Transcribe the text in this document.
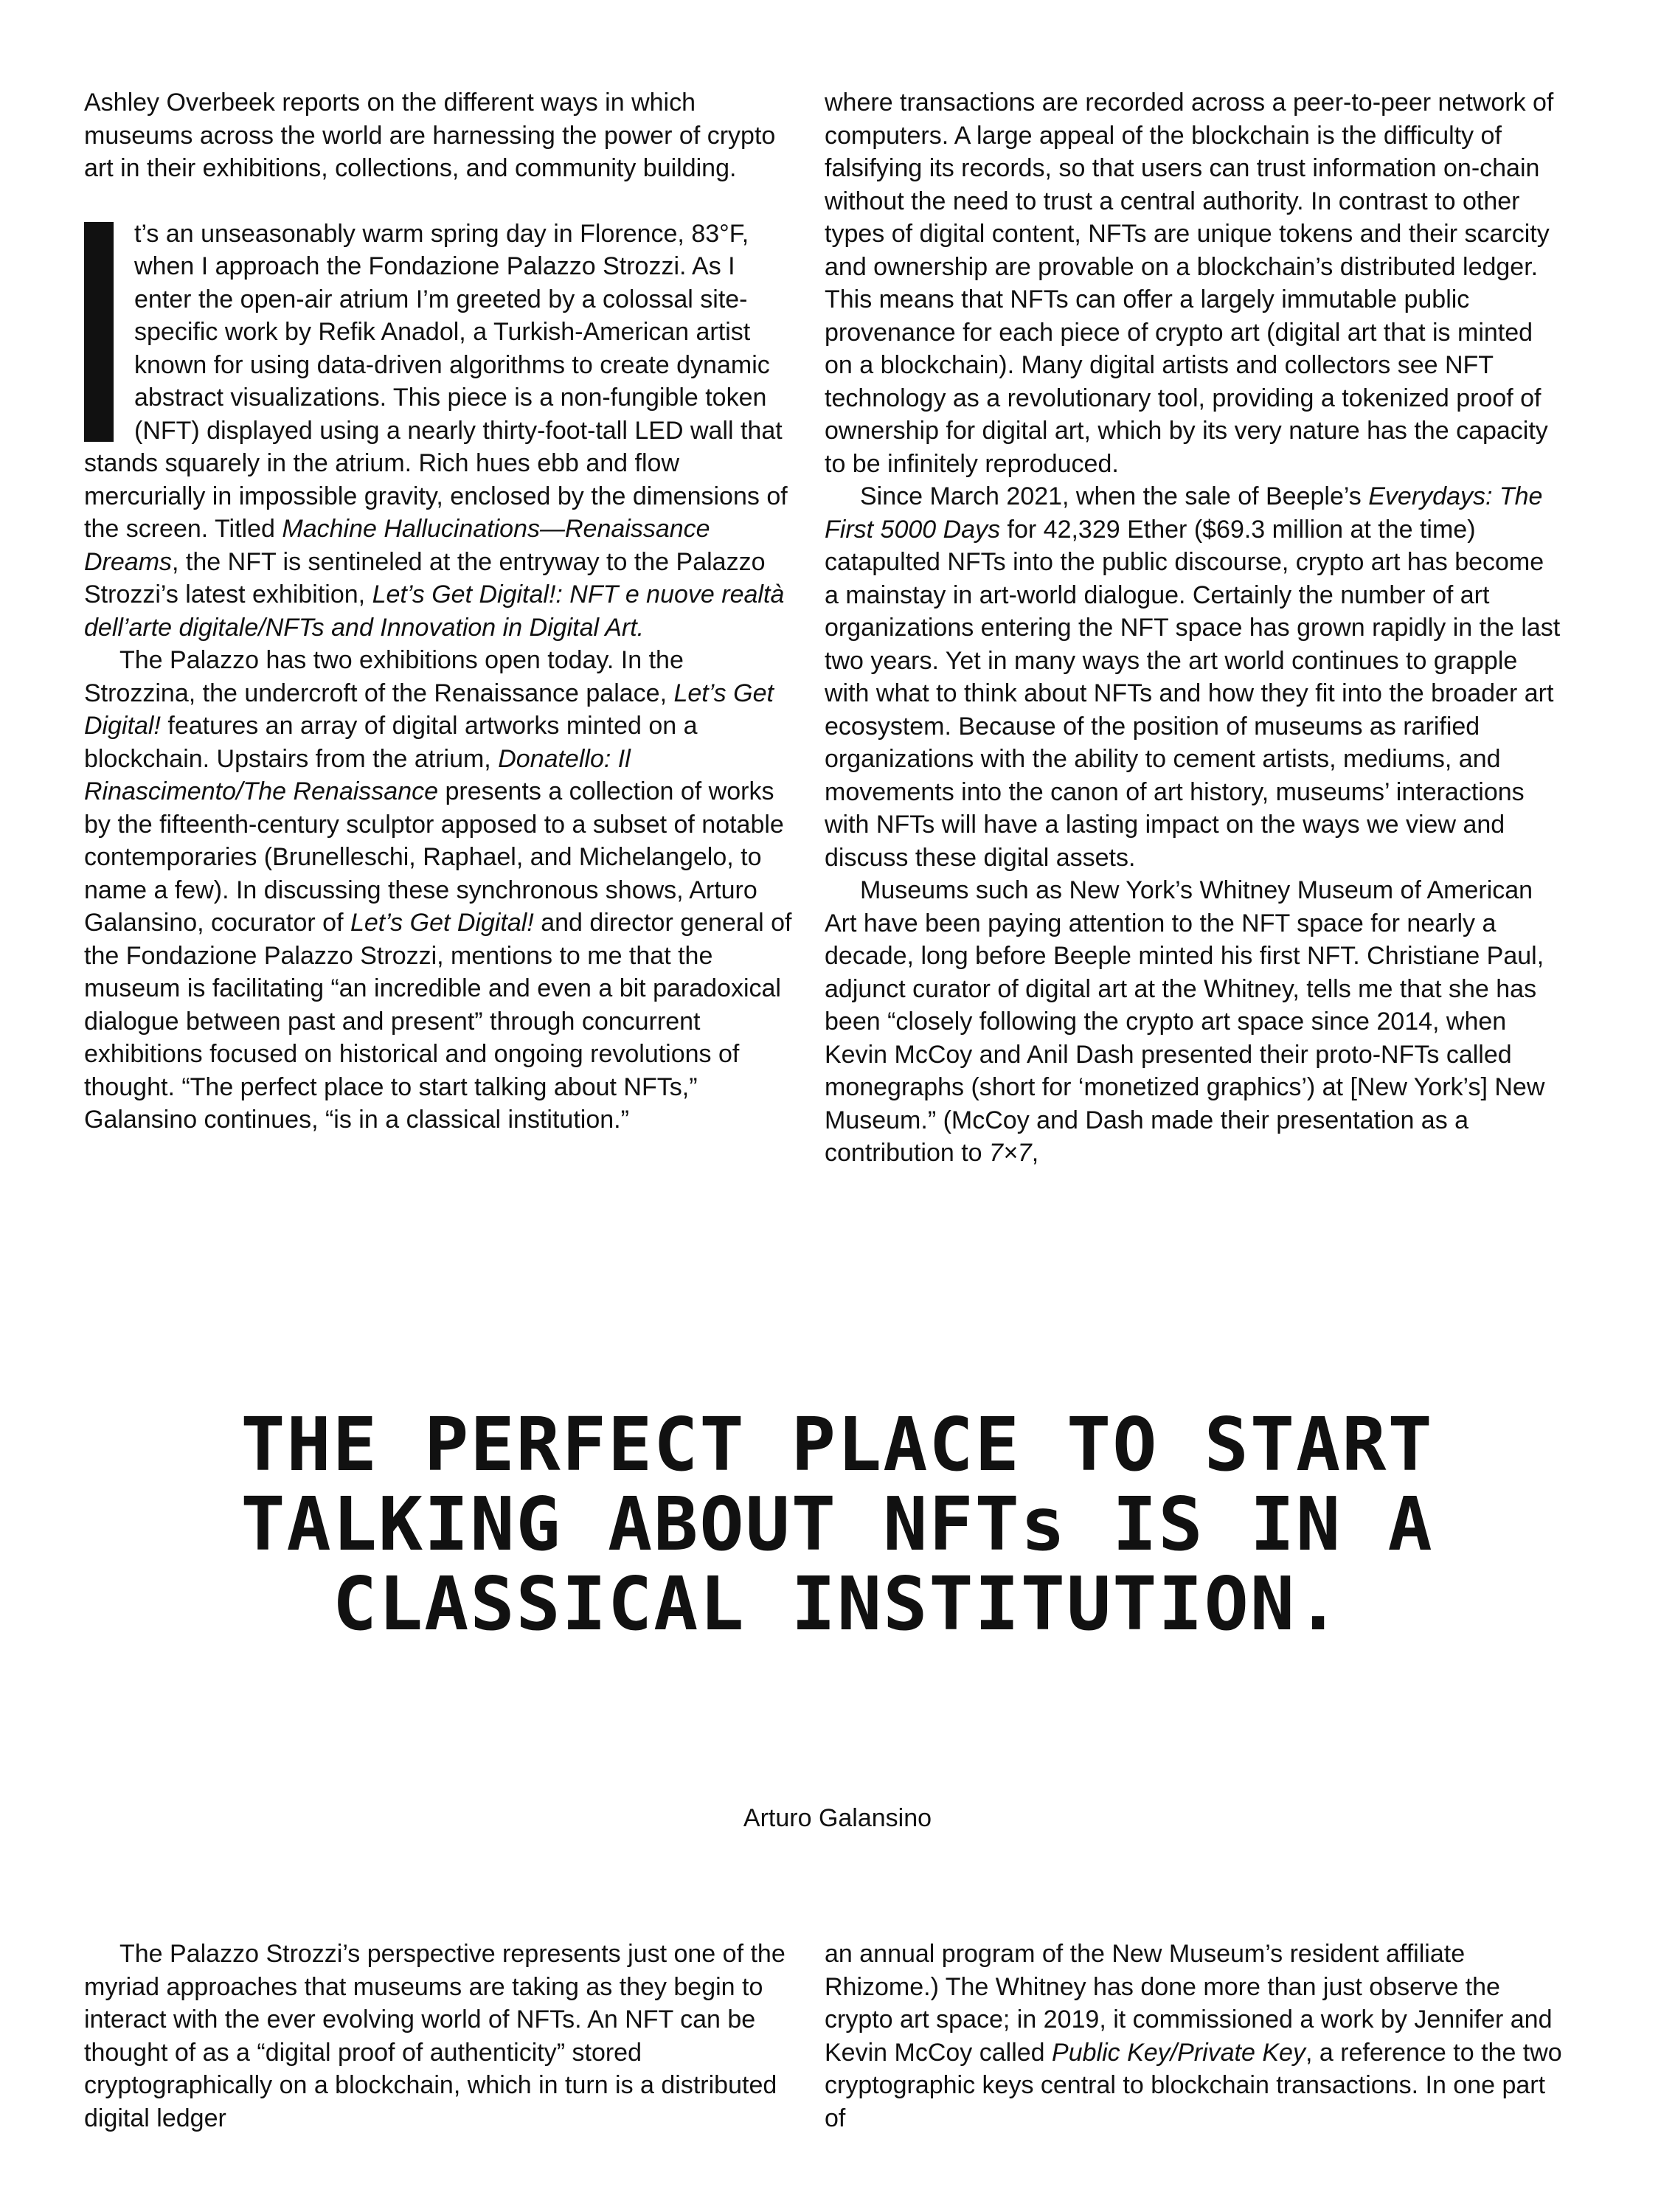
Ashley Overbeek reports on the different ways in which museums across the world are harnessing the power of crypto art in their exhibitions, collections, and community building.

t’s an unseasonably warm spring day in Florence, 83°F, when I approach the Fondazione Palazzo Strozzi. As I enter the open-air atrium I’m greeted by a colossal site-specific work by Refik Anadol, a Turkish-American artist known for using data-driven algorithms to create dynamic abstract visualizations. This piece is a non-fungible token (NFT) displayed using a nearly thirty-foot-tall LED wall that stands squarely in the atrium. Rich hues ebb and flow mercurially in impossible gravity, enclosed by the dimensions of the screen. Titled Machine Hallucinations—Renaissance Dreams, the NFT is sentineled at the entryway to the Palazzo Strozzi’s latest exhibition, Let’s Get Digital!: NFT e nuove realtà dell’arte digitale/NFTs and Innovation in Digital Art.

The Palazzo has two exhibitions open today. In the Strozzina, the undercroft of the Renaissance palace, Let’s Get Digital! features an array of digital artworks minted on a blockchain. Upstairs from the atrium, Donatello: Il Rinascimento/The Renaissance presents a collection of works by the fifteenth-century sculptor apposed to a subset of notable contemporaries (Brunelleschi, Raphael, and Michelangelo, to name a few). In discussing these synchronous shows, Arturo Galansino, cocurator of Let’s Get Digital! and director general of the Fondazione Palazzo Strozzi, mentions to me that the museum is facilitating “an incredible and even a bit paradoxical dialogue between past and present” through concurrent exhibitions focused on historical and ongoing revolutions of thought. “The perfect place to start talking about NFTs,” Galansino continues, “is in a classical institution.”

where transactions are recorded across a peer-to-peer network of computers. A large appeal of the blockchain is the difficulty of falsifying its records, so that users can trust information on-chain without the need to trust a central authority. In contrast to other types of digital content, NFTs are unique tokens and their scarcity and ownership are provable on a blockchain’s distributed ledger. This means that NFTs can offer a largely immutable public provenance for each piece of crypto art (digital art that is minted on a blockchain). Many digital artists and collectors see NFT technology as a revolutionary tool, providing a tokenized proof of ownership for digital art, which by its very nature has the capacity to be infinitely reproduced.

Since March 2021, when the sale of Beeple’s Everydays: The First 5000 Days for 42,329 Ether ($69.3 million at the time) catapulted NFTs into the public discourse, crypto art has become a mainstay in art-world dialogue. Certainly the number of art organizations entering the NFT space has grown rapidly in the last two years. Yet in many ways the art world continues to grapple with what to think about NFTs and how they fit into the broader art ecosystem. Because of the position of museums as rarified organizations with the ability to cement artists, mediums, and movements into the canon of art history, museums’ interactions with NFTs will have a lasting impact on the ways we view and discuss these digital assets.

Museums such as New York’s Whitney Museum of American Art have been paying attention to the NFT space for nearly a decade, long before Beeple minted his first NFT. Christiane Paul, adjunct curator of digital art at the Whitney, tells me that she has been “closely following the crypto art space since 2014, when Kevin McCoy and Anil Dash presented their proto-NFTs called monegraphs (short for ‘monetized graphics’) at [New York’s] New Museum.” (McCoy and Dash made their presentation as a contribution to 7×7,

THE PERFECT PLACE TO START TALKING ABOUT NFTs IS IN A CLASSICAL INSTITUTION.
Arturo Galansino

The Palazzo Strozzi’s perspective represents just one of the myriad approaches that museums are taking as they begin to interact with the ever evolving world of NFTs. An NFT can be thought of as a “digital proof of authenticity” stored cryptographically on a blockchain, which in turn is a distributed digital ledger

an annual program of the New Museum’s resident affiliate Rhizome.) The Whitney has done more than just observe the crypto art space; in 2019, it commissioned a work by Jennifer and Kevin McCoy called Public Key/Private Key, a reference to the two cryptographic keys central to blockchain transactions. In one part of
